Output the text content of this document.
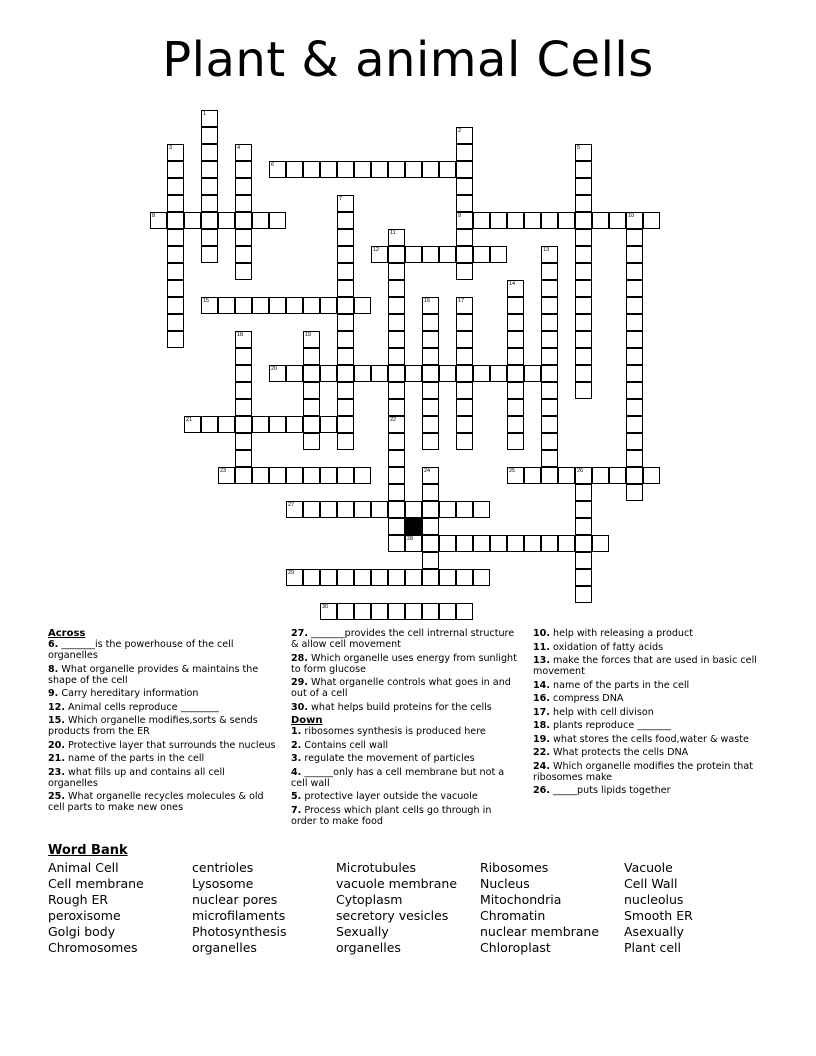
Plant & animal Cells
1
2
9
3	4	5
6
7
8	10
11
22
12	13
14
15	16	17
18	19
20
21
23	24	25	26
27
28
29
30
Across
6. _______is the powerhouse of the cell organelles
8. What organelle provides & maintains the shape of the cell
9. Carry hereditary information
12. Animal cells reproduce ________
15. Which organelle modifies,sorts & sends products from the ER
20. Protective layer that surrounds the nucleus
21. name of the parts in the cell
23. what fills up and contains all cell organelles
25. What organelle recycles molecules & old cell parts to make new ones
27. _______provides the cell intrernal structure & allow cell movement
28. Which organelle uses energy from sunlight to form glucose
29. What organelle controls what goes in and out of a cell
30. what helps build proteins for the cells
Down
1. ribosomes synthesis is produced here
2. Contains cell wall
3. regulate the movement of particles
4. ______only has a cell membrane but not a cell wall
5. protective layer outside the vacuole
7. Process which plant cells go through in order to make food
10. help with releasing a product
11. oxidation of fatty acids
13. make the forces that are used in basic cell movement
14. name of the parts in the cell
16. compress DNA
17. help with cell divison
18. plants reproduce _______
19. what stores the cells food,water & waste
22. What protects the cells DNA
24. Which organelle modifies the protein that ribosomes make
26. _____puts lipids together
Word Bank
Animal Cell
Cell membrane
Rough ER
peroxisome
Golgi body
Chromosomes
centrioles
Lysosome
nuclear pores
microfilaments
Photosynthesis
organelles
Microtubules
vacuole membrane
Cytoplasm
secretory vesicles
Sexually
organelles
Ribosomes
Nucleus
Mitochondria
Chromatin
nuclear membrane
Chloroplast
Vacuole
Cell Wall
nucleolus
Smooth ER
Asexually
Plant cell
